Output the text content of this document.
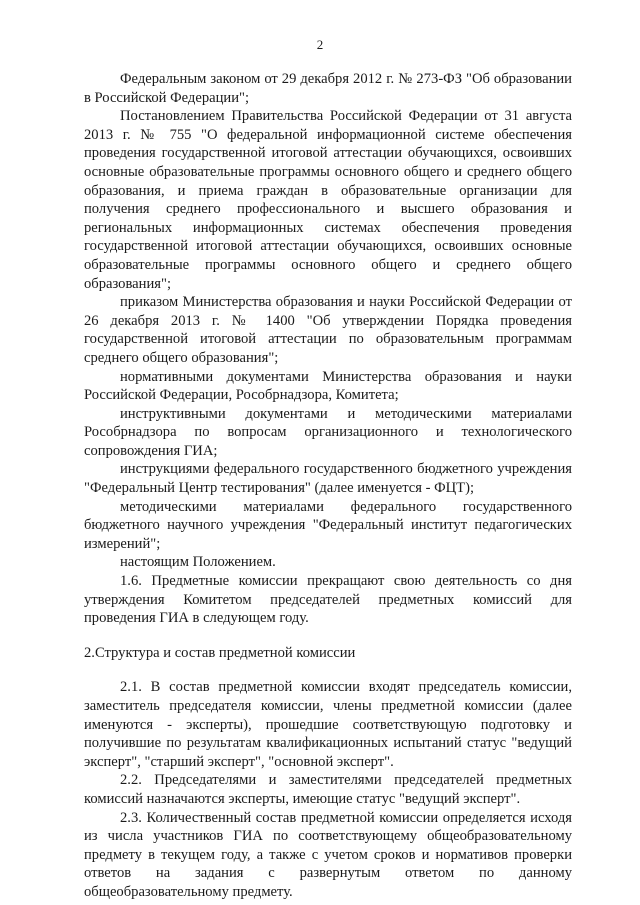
2

Федеральным законом от 29 декабря 2012 г. № 273-ФЗ "Об образовании в Российской Федерации";

Постановлением Правительства Российской Федерации от 31 августа 2013 г. № 755 "О федеральной информационной системе обеспечения проведения государственной итоговой аттестации обучающихся, освоивших основные образовательные программы основного общего и среднего общего образования, и приема граждан в образовательные организации для получения среднего профессионального и высшего образования и региональных информационных системах обеспечения проведения государственной итоговой аттестации обучающихся, освоивших основные образовательные программы основного общего и среднего общего образования";

приказом Министерства образования и науки Российской Федерации от 26 декабря 2013 г. № 1400 "Об утверждении Порядка проведения государственной итоговой аттестации по образовательным программам среднего общего образования";

нормативными документами Министерства образования и науки Российской Федерации, Рособрнадзора, Комитета;

инструктивными документами и методическими материалами Рособрнадзора по вопросам организационного и технологического сопровождения ГИА;

инструкциями федерального государственного бюджетного учреждения "Федеральный Центр тестирования" (далее именуется - ФЦТ);

методическими материалами федерального государственного бюджетного научного учреждения "Федеральный институт педагогических измерений";

настоящим Положением.

1.6. Предметные комиссии прекращают свою деятельность со дня утверждения Комитетом председателей предметных комиссий для проведения ГИА в следующем году.

2.Структура и состав предметной комиссии

2.1. В состав предметной комиссии входят председатель комиссии, заместитель председателя комиссии, члены предметной комиссии (далее именуются - эксперты), прошедшие соответствующую подготовку и получившие по результатам квалификационных испытаний статус "ведущий эксперт", "старший эксперт", "основной эксперт".

2.2. Председателями и заместителями председателей предметных комиссий назначаются эксперты, имеющие статус "ведущий эксперт".

2.3. Количественный состав предметной комиссии определяется исходя из числа участников ГИА по соответствующему общеобразовательному предмету в текущем году, а также с учетом сроков и нормативов проверки ответов на задания с развернутым ответом по данному общеобразовательному предмету.
